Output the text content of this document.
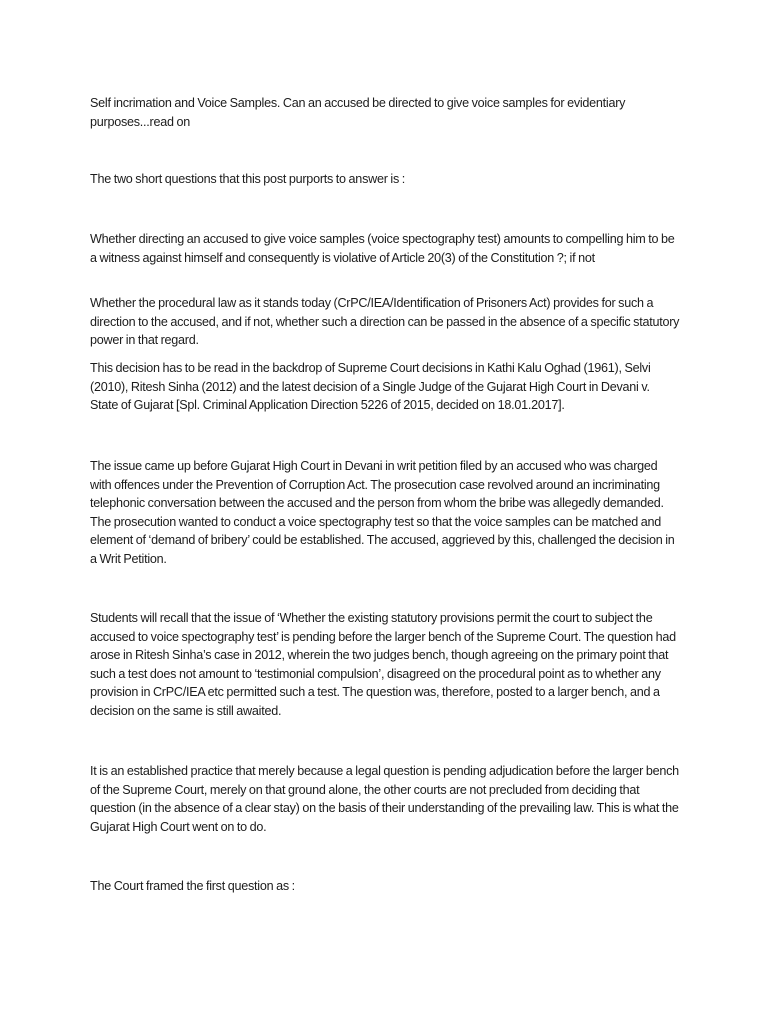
Self incrimation and Voice Samples. Can an accused be directed to give voice samples for evidentiary purposes...read on

The two short questions that this post purports to answer is :

Whether directing an accused to give voice samples (voice spectography test) amounts to compelling him to be a witness against himself and consequently is violative of Article 20(3) of the Constitution ?; if not

Whether the procedural law as it stands today (CrPC/IEA/Identification of Prisoners Act) provides for such a direction to the accused, and if not, whether such a direction can be passed in the absence of a specific statutory power in that regard.

This decision has to be read in the backdrop of Supreme Court decisions in Kathi Kalu Oghad (1961), Selvi (2010), Ritesh Sinha (2012) and the latest decision of a Single Judge of the Gujarat High Court in Devani v. State of Gujarat [Spl. Criminal Application Direction 5226 of 2015, decided on 18.01.2017].

The issue came up before Gujarat High Court in Devani in writ petition filed by an accused who was charged with offences under the Prevention of Corruption Act. The prosecution case revolved around an incriminating telephonic conversation between the accused and the person from whom the bribe was allegedly demanded. The prosecution wanted to conduct a voice spectography test so that the voice samples can be matched and element of ‘demand of bribery’ could be established. The accused, aggrieved by this, challenged the decision in a Writ Petition.

Students will recall that the issue of ‘Whether the existing statutory provisions permit the court to subject the accused to voice spectography test’ is pending before the larger bench of the Supreme Court. The question had arose in Ritesh Sinha’s case in 2012, wherein the two judges bench, though agreeing on the primary point that such a test does not amount to ‘testimonial compulsion’, disagreed on the procedural point as to whether any provision in CrPC/IEA etc permitted such a test. The question was, therefore, posted to a larger bench, and a decision on the same is still awaited.

It is an established practice that merely because a legal question is pending adjudication before the larger bench of the Supreme Court, merely on that ground alone, the other courts are not precluded from deciding that question (in the absence of a clear stay) on the basis of their understanding of the prevailing law. This is what the Gujarat High Court went on to do.

The Court framed the first question as :
